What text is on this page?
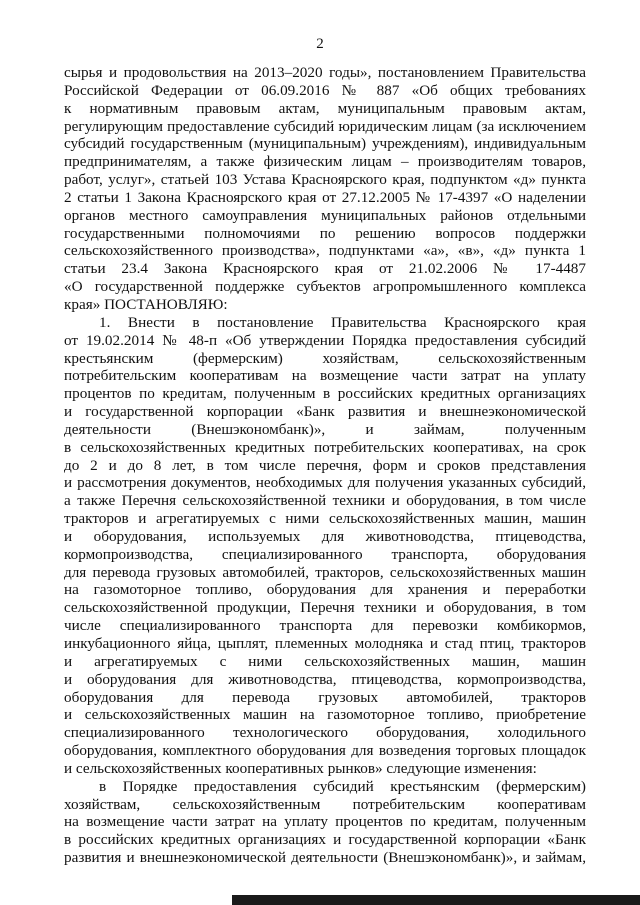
2
сырья и продовольствия на 2013–2020 годы», постановлением Правительства
Российской Федерации от 06.09.2016 № 887 «Об общих требованиях
к нормативным правовым актам, муниципальным правовым актам,
регулирующим предоставление субсидий юридическим лицам (за исключением
субсидий государственным (муниципальным) учреждениям), индивидуальным
предпринимателям, а также физическим лицам – производителям товаров,
работ, услуг», статьей 103 Устава Красноярского края, подпунктом «д» пункта
2 статьи 1 Закона Красноярского края от 27.12.2005 № 17-4397 «О наделении
органов местного самоуправления муниципальных районов отдельными
государственными полномочиями по решению вопросов поддержки
сельскохозяйственного производства», подпунктами «а», «в», «д» пункта 1
статьи 23.4 Закона Красноярского края от 21.02.2006 № 17-4487
«О государственной поддержке субъектов агропромышленного комплекса
края» ПОСТАНОВЛЯЮ:
1. Внести в постановление Правительства Красноярского края
от 19.02.2014 № 48-п «Об утверждении Порядка предоставления субсидий
крестьянским (фермерским) хозяйствам, сельскохозяйственным
потребительским кооперативам на возмещение части затрат на уплату
процентов по кредитам, полученным в российских кредитных организациях
и государственной корпорации «Банк развития и внешнеэкономической
деятельности (Внешэкономбанк)», и займам, полученным
в сельскохозяйственных кредитных потребительских кооперативах, на срок
до 2 и до 8 лет, в том числе перечня, форм и сроков представления
и рассмотрения документов, необходимых для получения указанных субсидий,
а также Перечня сельскохозяйственной техники и оборудования, в том числе
тракторов и агрегатируемых с ними сельскохозяйственных машин, машин
и оборудования, используемых для животноводства, птицеводства,
кормопроизводства, специализированного транспорта, оборудования
для перевода грузовых автомобилей, тракторов, сельскохозяйственных машин
на газомоторное топливо, оборудования для хранения и переработки
сельскохозяйственной продукции, Перечня техники и оборудования, в том
числе специализированного транспорта для перевозки комбикормов,
инкубационного яйца, цыплят, племенных молодняка и стад птиц, тракторов
и агрегатируемых с ними сельскохозяйственных машин, машин
и оборудования для животноводства, птицеводства, кормопроизводства,
оборудования для перевода грузовых автомобилей, тракторов
и сельскохозяйственных машин на газомоторное топливо, приобретение
специализированного технологического оборудования, холодильного
оборудования, комплектного оборудования для возведения торговых площадок
и сельскохозяйственных кооперативных рынков» следующие изменения:
в Порядке предоставления субсидий крестьянским (фермерским)
хозяйствам, сельскохозяйственным потребительским кооперативам
на возмещение части затрат на уплату процентов по кредитам, полученным
в российских кредитных организациях и государственной корпорации «Банк
развития и внешнеэкономической деятельности (Внешэкономбанк)», и займам,
